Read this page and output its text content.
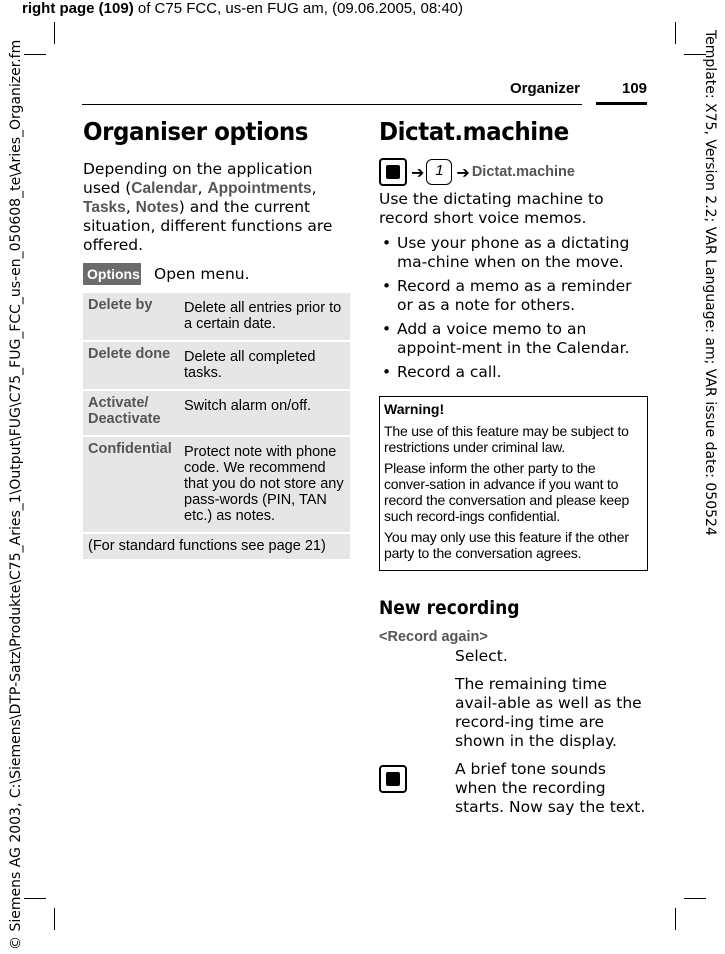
right page (109) of C75 FCC, us-en FUG am, (09.06.2005, 08:40)
© Siemens AG 2003, C:\Siemens\DTP-Satz\Produkte\C75_Aries_1\Output\FUG\C75_FUG_FCC_us-en_050608_te\Aries_Organizer.fm	Template: X75, Version 2.2; VAR Language: am; VAR issue date: 050524
Organizer	109
Organiser options
Depending on the application used (Calendar, Appointments, Tasks, Notes) and the current situation, different functions are offered.
Options Open menu.
Delete by	Delete all entries prior to a certain date.
Delete done	Delete all completed tasks.
Activate/ Deactivate	Switch alarm on/off.
Confidential	Protect note with phone code. We recommend that you do not store any pass-words (PIN, TAN etc.) as notes.
(For standard functions see page 21)	
Dictat.machine
➔ 1 ➔ Dictat.machine
Use the dictating machine to record short voice memos.
• Use your phone as a dictating ma-chine when on the move.
• Record a memo as a reminder or as a note for others.
• Add a voice memo to an appoint-ment in the Calendar.
• Record a call.
Warning!
The use of this feature may be subject to restrictions under criminal law.
Please inform the other party to the conver-sation in advance if you want to record the conversation and please keep such record-ings confidential.
You may only use this feature if the other party to the conversation agrees.
New recording
<Record again>
Select.
The remaining time avail-able as well as the record-ing time are shown in the display.
A brief tone sounds when the recording starts. Now say the text.
